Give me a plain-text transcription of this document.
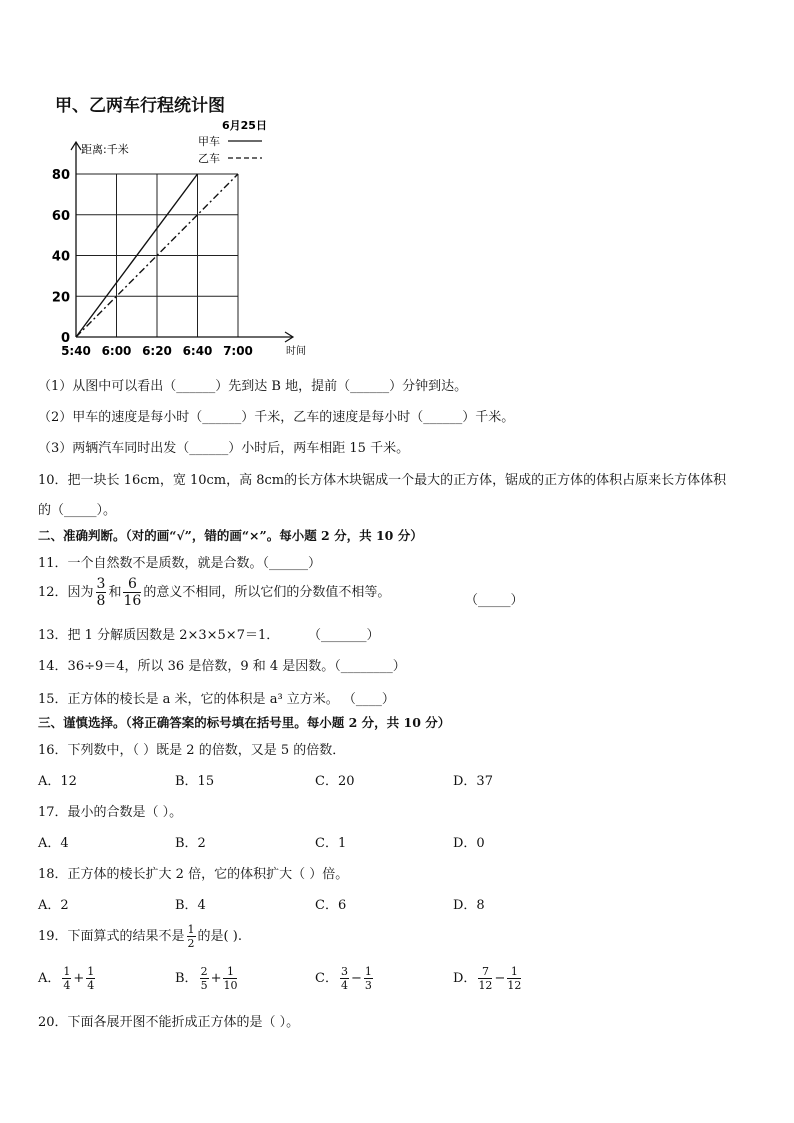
甲、乙两车行程统计图
0
20
40
60
80
5:40 6:00 6:20 6:40 7:00	时间
距离:千米
6月25日
甲车
乙车
（1）从图中可以看出（______）先到达 B 地，提前（______）分钟到达。
（2）甲车的速度是每小时（______）千米，乙车的速度是每小时（______）千米。
（3）两辆汽车同时出发（______）小时后，两车相距 15 千米。
10．把一块长 16cm，宽 10cm，高 8cm的长方体木块锯成一个最大的正方体，锯成的正方体的体积占原来长方体体积
的（_____）。
二、准确判断。（对的画“√”，错的画“×”。每小题 2 分，共 10 分）
11．一个自然数不是质数，就是合数。（______）
12．因为 $\frac{3}{8}$ 和 $\frac{6}{16}$ 的意义不相同，所以它们的分数值不相等。
（_____）
13．把 1 分解质因数是 2×3×5×7＝1． （_______）
14．36÷9＝4，所以 36 是倍数，9 和 4 是因数。（________）
15．正方体的棱长是 a 米，它的体积是 a³ 立方米。 （____）
三、谨慎选择。（将正确答案的标号填在括号里。每小题 2 分，共 10 分）
16．下列数中，（ ）既是 2 的倍数，又是 5 的倍数．
A．12	B．15	C．20	D．37
17．最小的合数是（ ）。
A．4	B．2	C．1	D．0
18．正方体的棱长扩大 2 倍，它的体积扩大（ ）倍。
A．2	B．4	C．6	D．8
19．下面算式的结果不是 $\frac{1}{2}$ 的是( ).
A． $\frac{1}{4} + \frac{1}{4}$	B． $\frac{2}{5} + \frac{1}{10}$	C． $\frac{3}{4} - \frac{1}{3}$	D． $\frac{7}{12} - \frac{1}{12}$
20．下面各展开图不能折成正方体的是（ ）。
